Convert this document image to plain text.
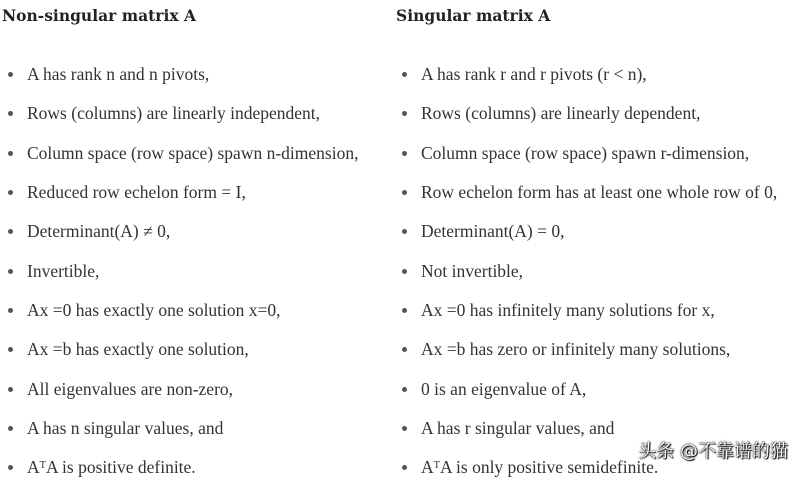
Non-singular matrix A
A has rank n and n pivots,
Rows (columns) are linearly independent,
Column space (row space) spawn n-dimension,
Reduced row echelon form = I,
Determinant(A) ≠ 0,
Invertible,
Ax =0 has exactly one solution x=0,
Ax =b has exactly one solution,
All eigenvalues are non-zero,
A has n singular values, and
AᵀA is positive definite.
Singular matrix A
A has rank r and r pivots (r < n),
Rows (columns) are linearly dependent,
Column space (row space) spawn r-dimension,
Row echelon form has at least one whole row of 0,
Determinant(A) = 0,
Not invertible,
Ax =0 has infinitely many solutions for x,
Ax =b has zero or infinitely many solutions,
0 is an eigenvalue of A,
A has r singular values, and
AᵀA is only positive semidefinite.
头条 @不靠谱的猫
